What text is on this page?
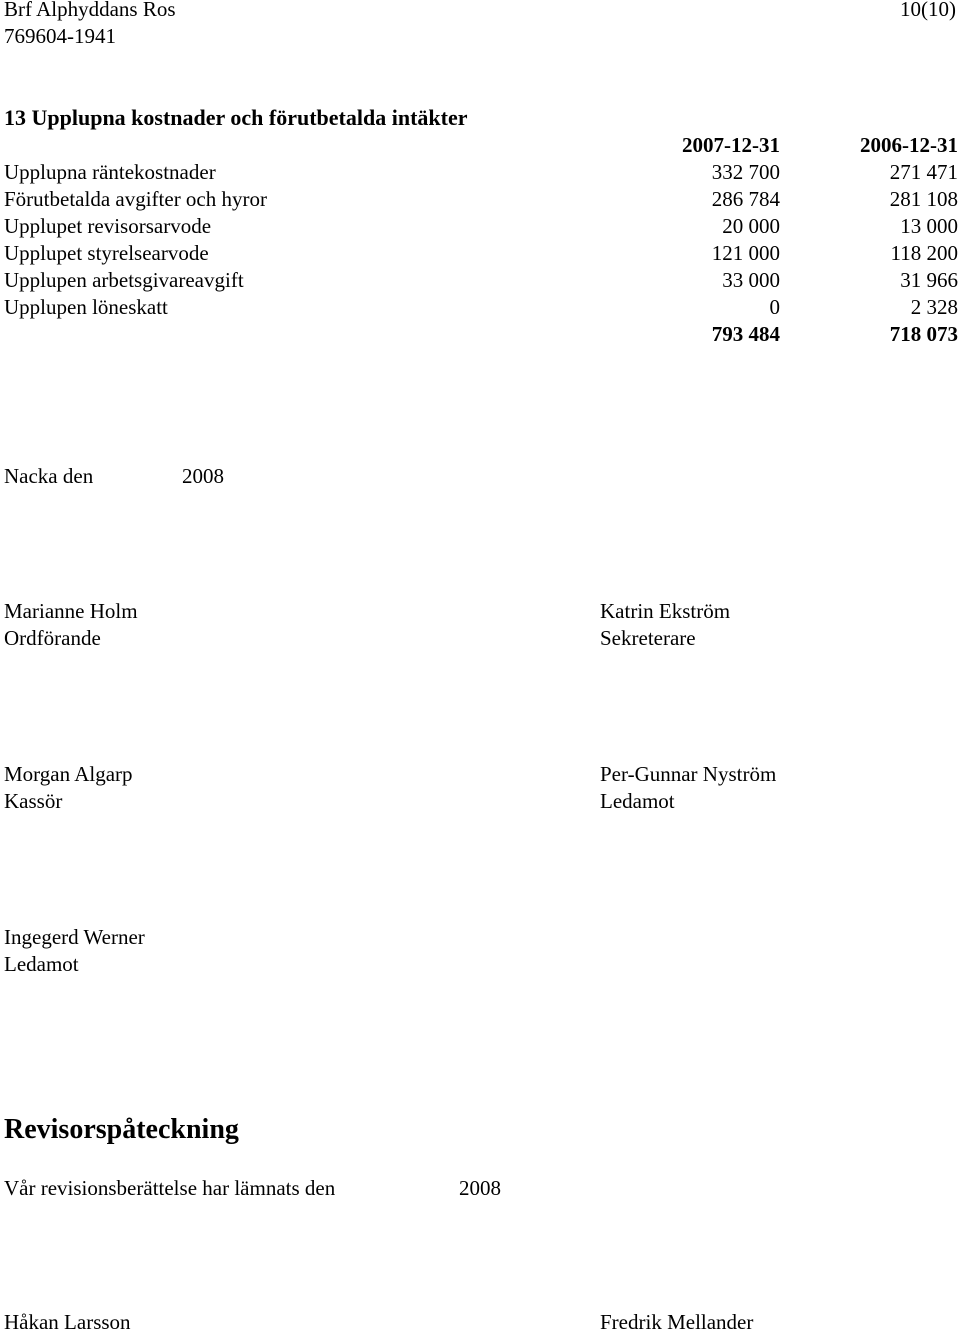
Brf Alphyddans Ros
769604-1941
10(10)
13 Upplupna kostnader och förutbetalda intäkter
2007-12-31	2006-12-31
Upplupna räntekostnader	332 700	271 471
Förutbetalda avgifter och hyror	286 784	281 108
Upplupet revisorsarvode	20 000	13 000
Upplupet styrelsearvode	121 000	118 200
Upplupen arbetsgivareavgift	33 000	31 966
Upplupen löneskatt	0	2 328
793 484	718 073
Nacka den	2008
Marianne Holm
Ordförande
Katrin Ekström
Sekreterare
Morgan Algarp
Kassör
Per-Gunnar Nyström
Ledamot
Ingegerd Werner
Ledamot
Revisorspåteckning
Vår revisionsberättelse har lämnats den	2008
Håkan Larsson	Fredrik Mellander
